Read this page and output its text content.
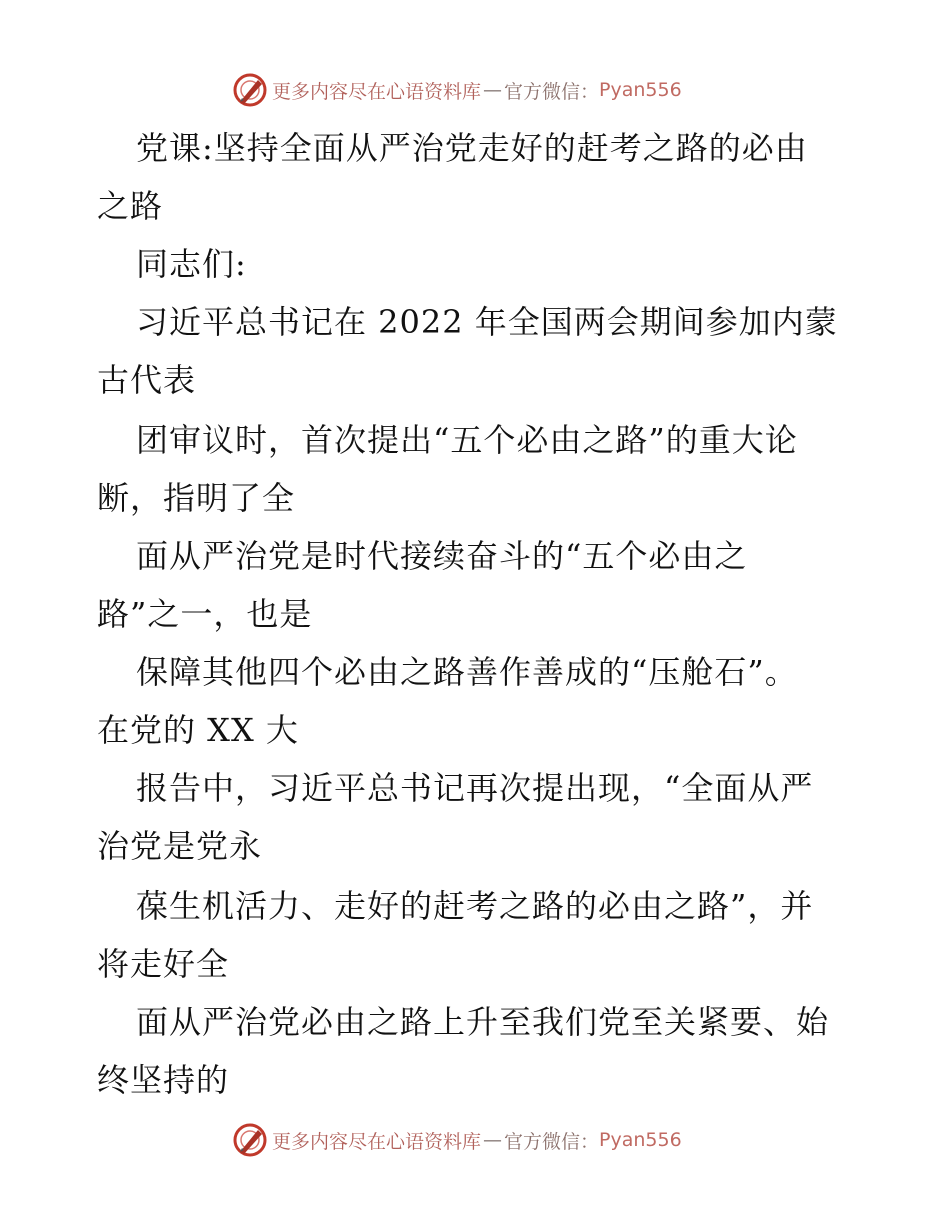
更多内容尽在心语资料库 — 官方微信： Pyan556
党课:坚持全面从严治党走好的赶考之路的必由
之路
同志们:
习近平总书记在 2022 年全国两会期间参加内蒙
古代表
团审议时，首次提出“五个必由之路”的重大论
断，指明了全
面从严治党是时代接续奋斗的“五个必由之
路”之一，也是
保障其他四个必由之路善作善成的“压舱石”。
在党的 XX 大
报告中，习近平总书记再次提出现，“全面从严
治党是党永
葆生机活力、走好的赶考之路的必由之路”，并
将走好全
面从严治党必由之路上升至我们党至关紧要、始
终坚持的
更多内容尽在心语资料库 — 官方微信： Pyan556
